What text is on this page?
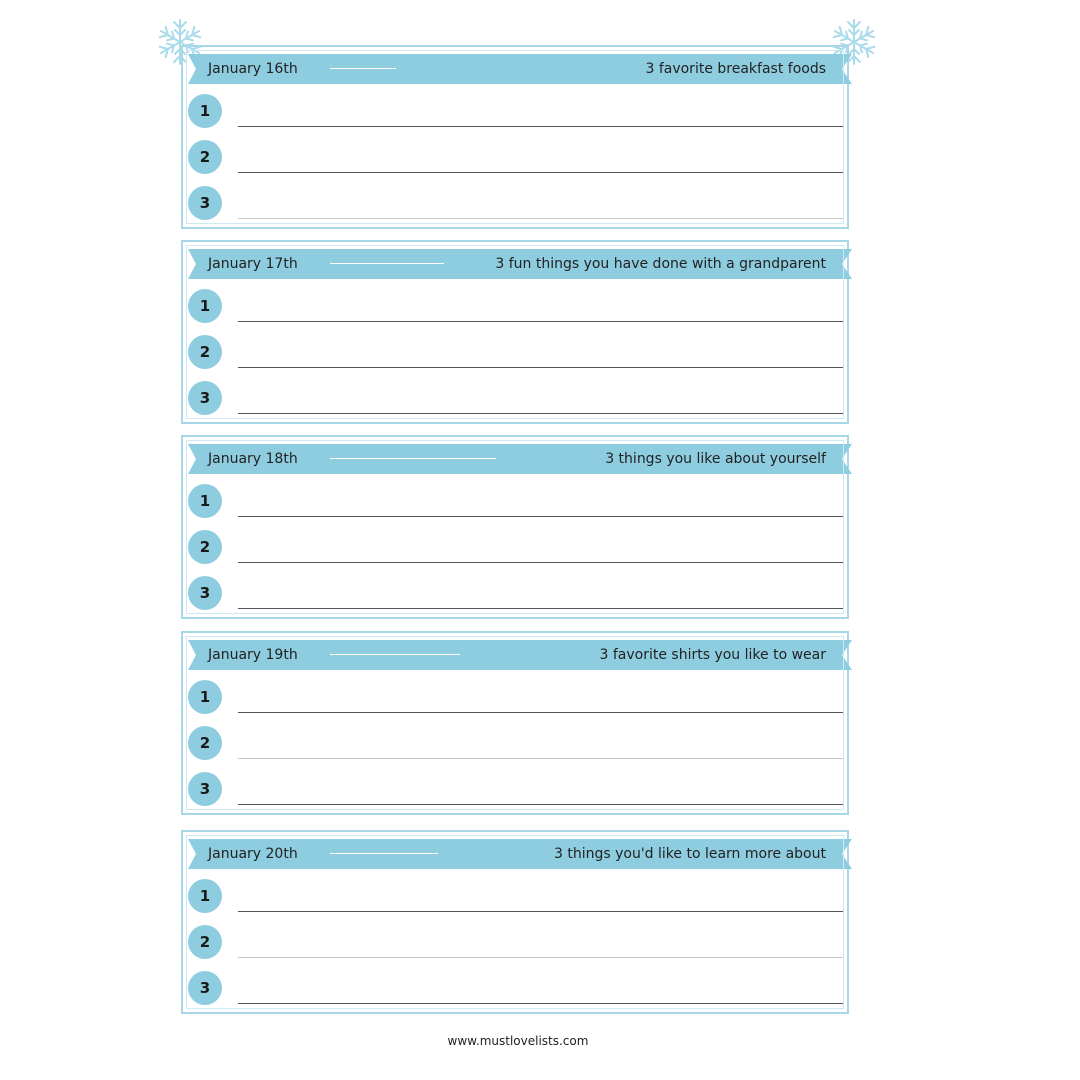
January 16th	3 favorite breakfast foods
1
2
3
January 17th	3 fun things you have done with a grandparent
1
2
3
January 18th	3 things you like about yourself
1
2
3
January 19th	3 favorite shirts you like to wear
1
2
3
January 20th	3 things you'd like to learn more about
1
2
3
www.mustlovelists.com
